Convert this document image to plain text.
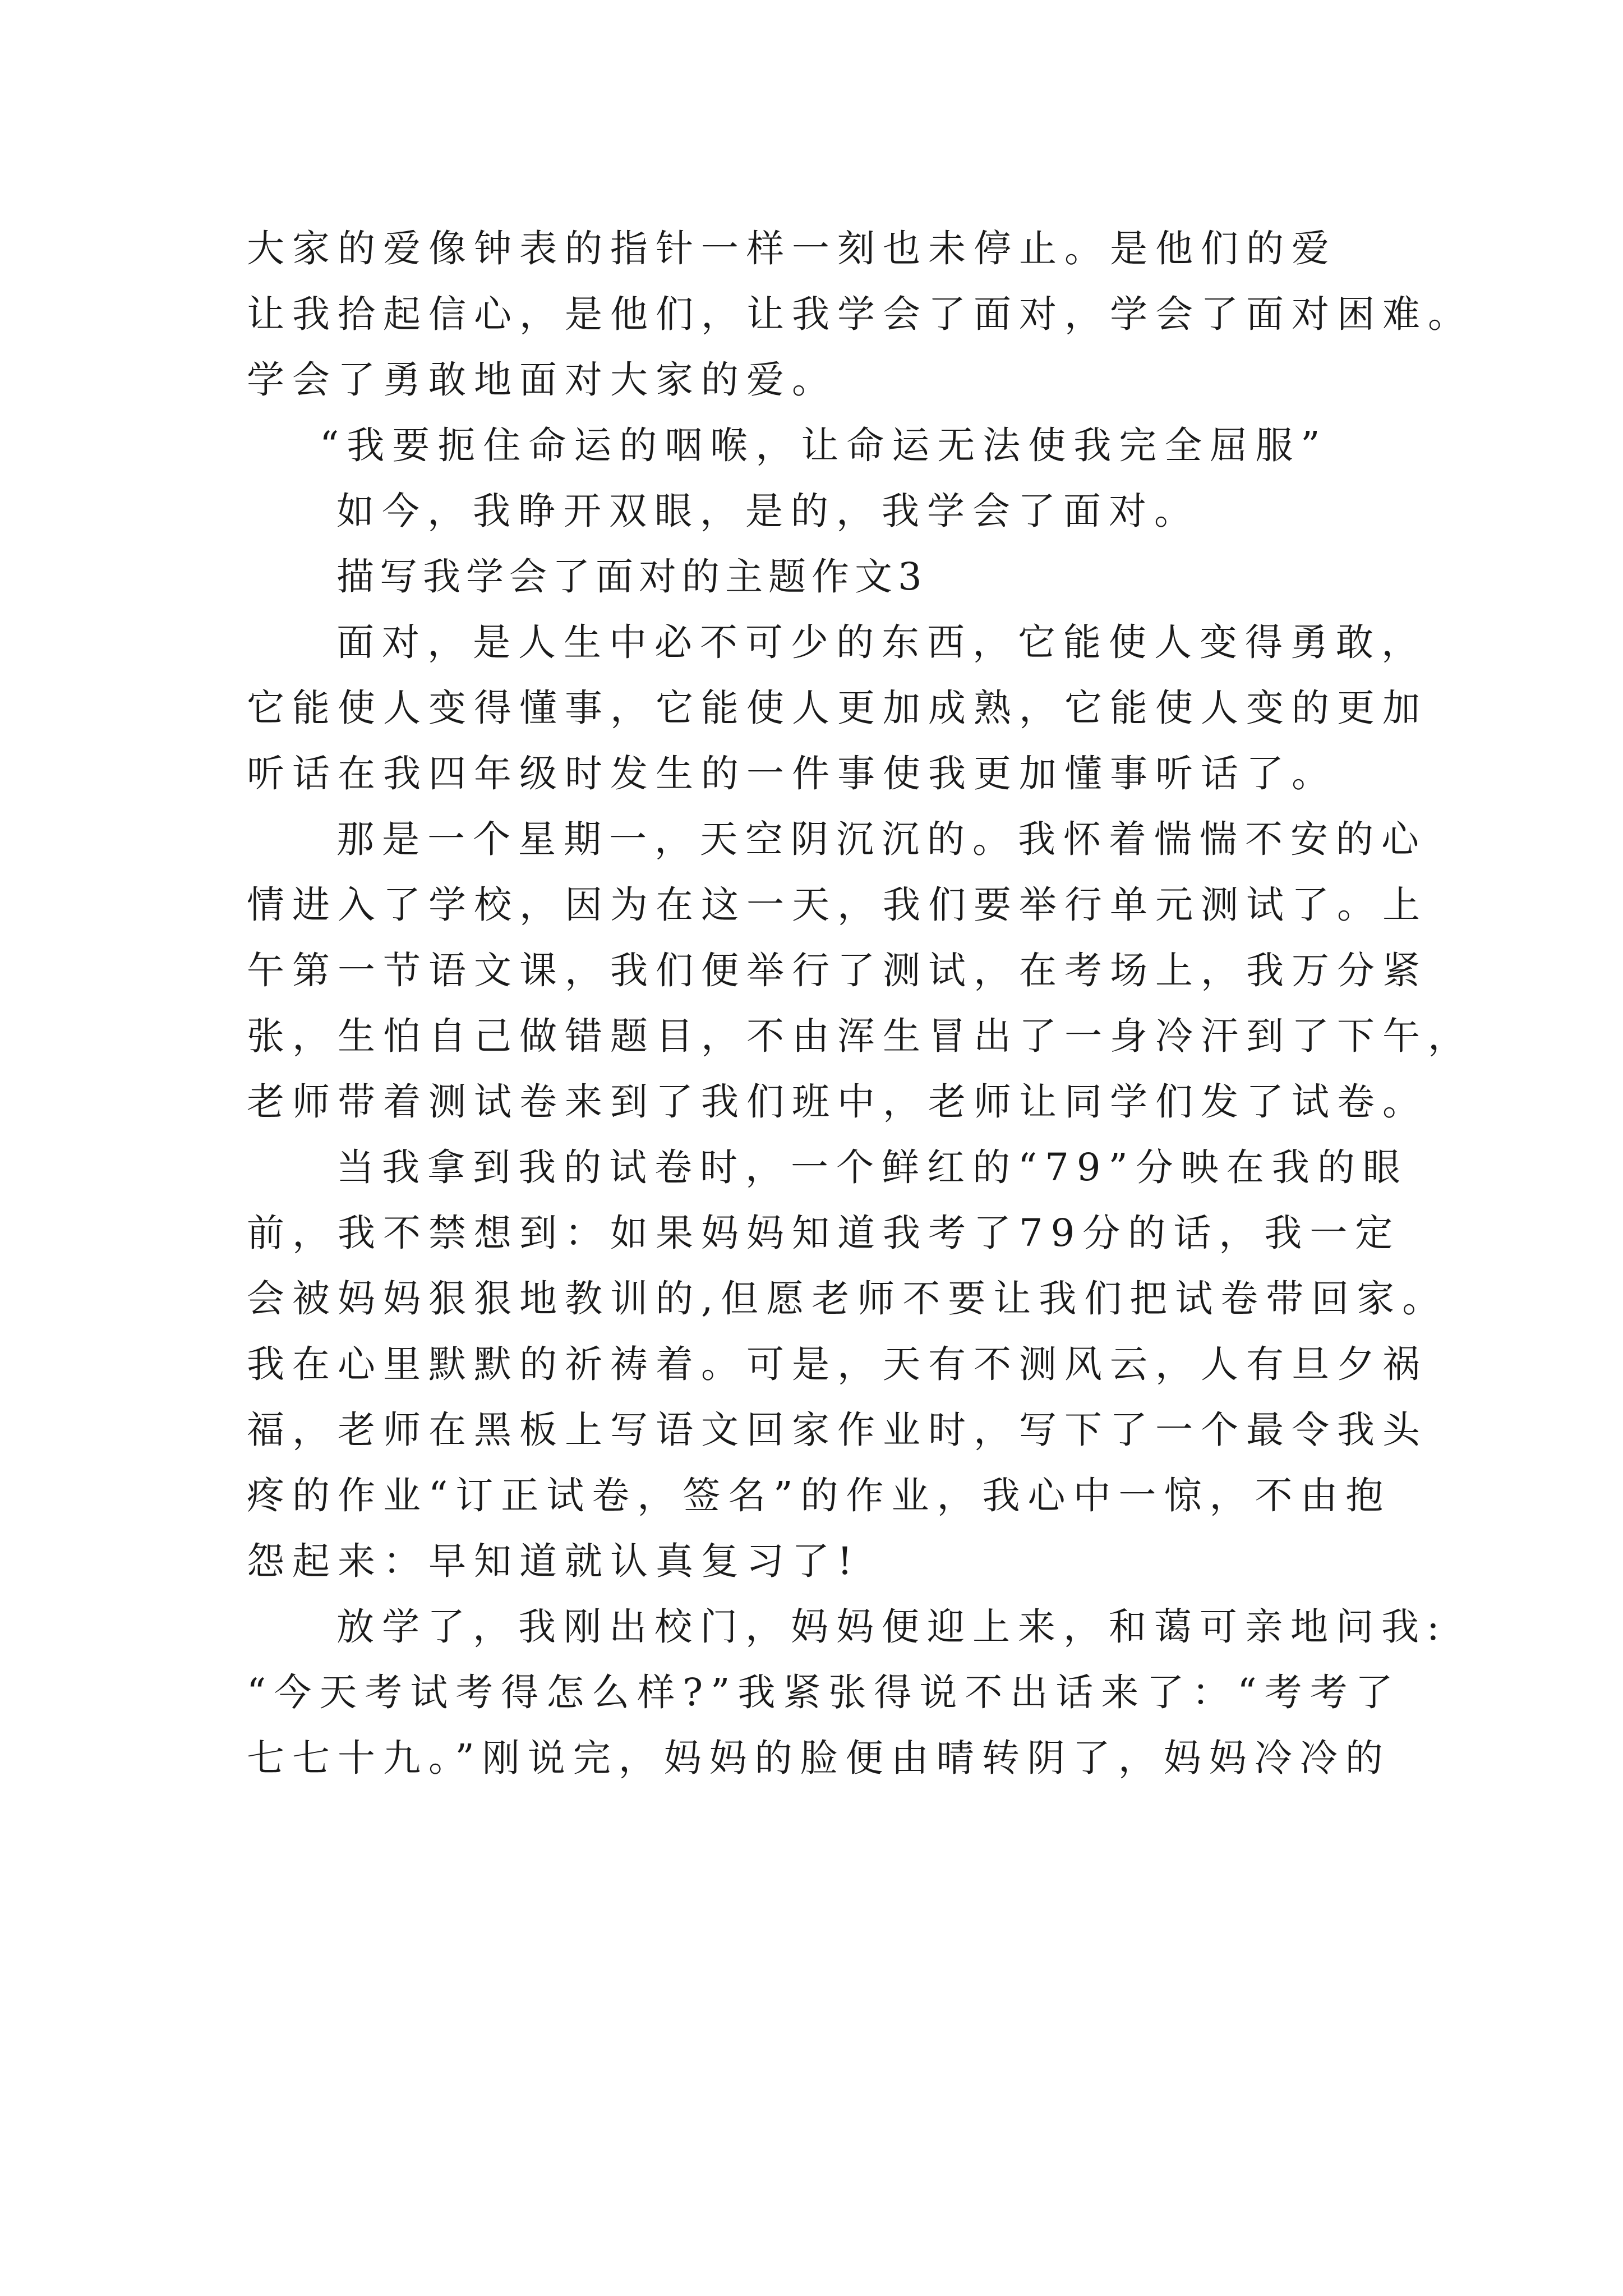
大家的爱像钟表的指针一样一刻也未停止。是他们的爱
让我拾起信心，是他们，让我学会了面对，学会了面对困难。
学会了勇敢地面对大家的爱。
“我要扼住命运的咽喉，让命运无法使我完全屈服”
如今，我睁开双眼，是的，我学会了面对。
描写我学会了面对的主题作文3
面对，是人生中必不可少的东西，它能使人变得勇敢，
它能使人变得懂事，它能使人更加成熟，它能使人变的更加
听话在我四年级时发生的一件事使我更加懂事听话了。
那是一个星期一，天空阴沉沉的。我怀着惴惴不安的心
情进入了学校，因为在这一天，我们要举行单元测试了。上
午第一节语文课，我们便举行了测试，在考场上，我万分紧
张，生怕自己做错题目，不由浑生冒出了一身冷汗到了下午，
老师带着测试卷来到了我们班中，老师让同学们发了试卷。
当我拿到我的试卷时，一个鲜红的“79”分映在我的眼
前，我不禁想到：如果妈妈知道我考了79分的话，我一定
会被妈妈狠狠地教训的,但愿老师不要让我们把试卷带回家。
我在心里默默的祈祷着。可是，天有不测风云，人有旦夕祸
福，老师在黑板上写语文回家作业时，写下了一个最令我头
疼的作业“订正试卷，签名”的作业，我心中一惊，不由抱
怨起来：早知道就认真复习了!
放学了，我刚出校门，妈妈便迎上来，和蔼可亲地问我:
“今天考试考得怎么样?”我紧张得说不出话来了：“考考了
七七十九。”刚说完，妈妈的脸便由晴转阴了，妈妈冷冷的
